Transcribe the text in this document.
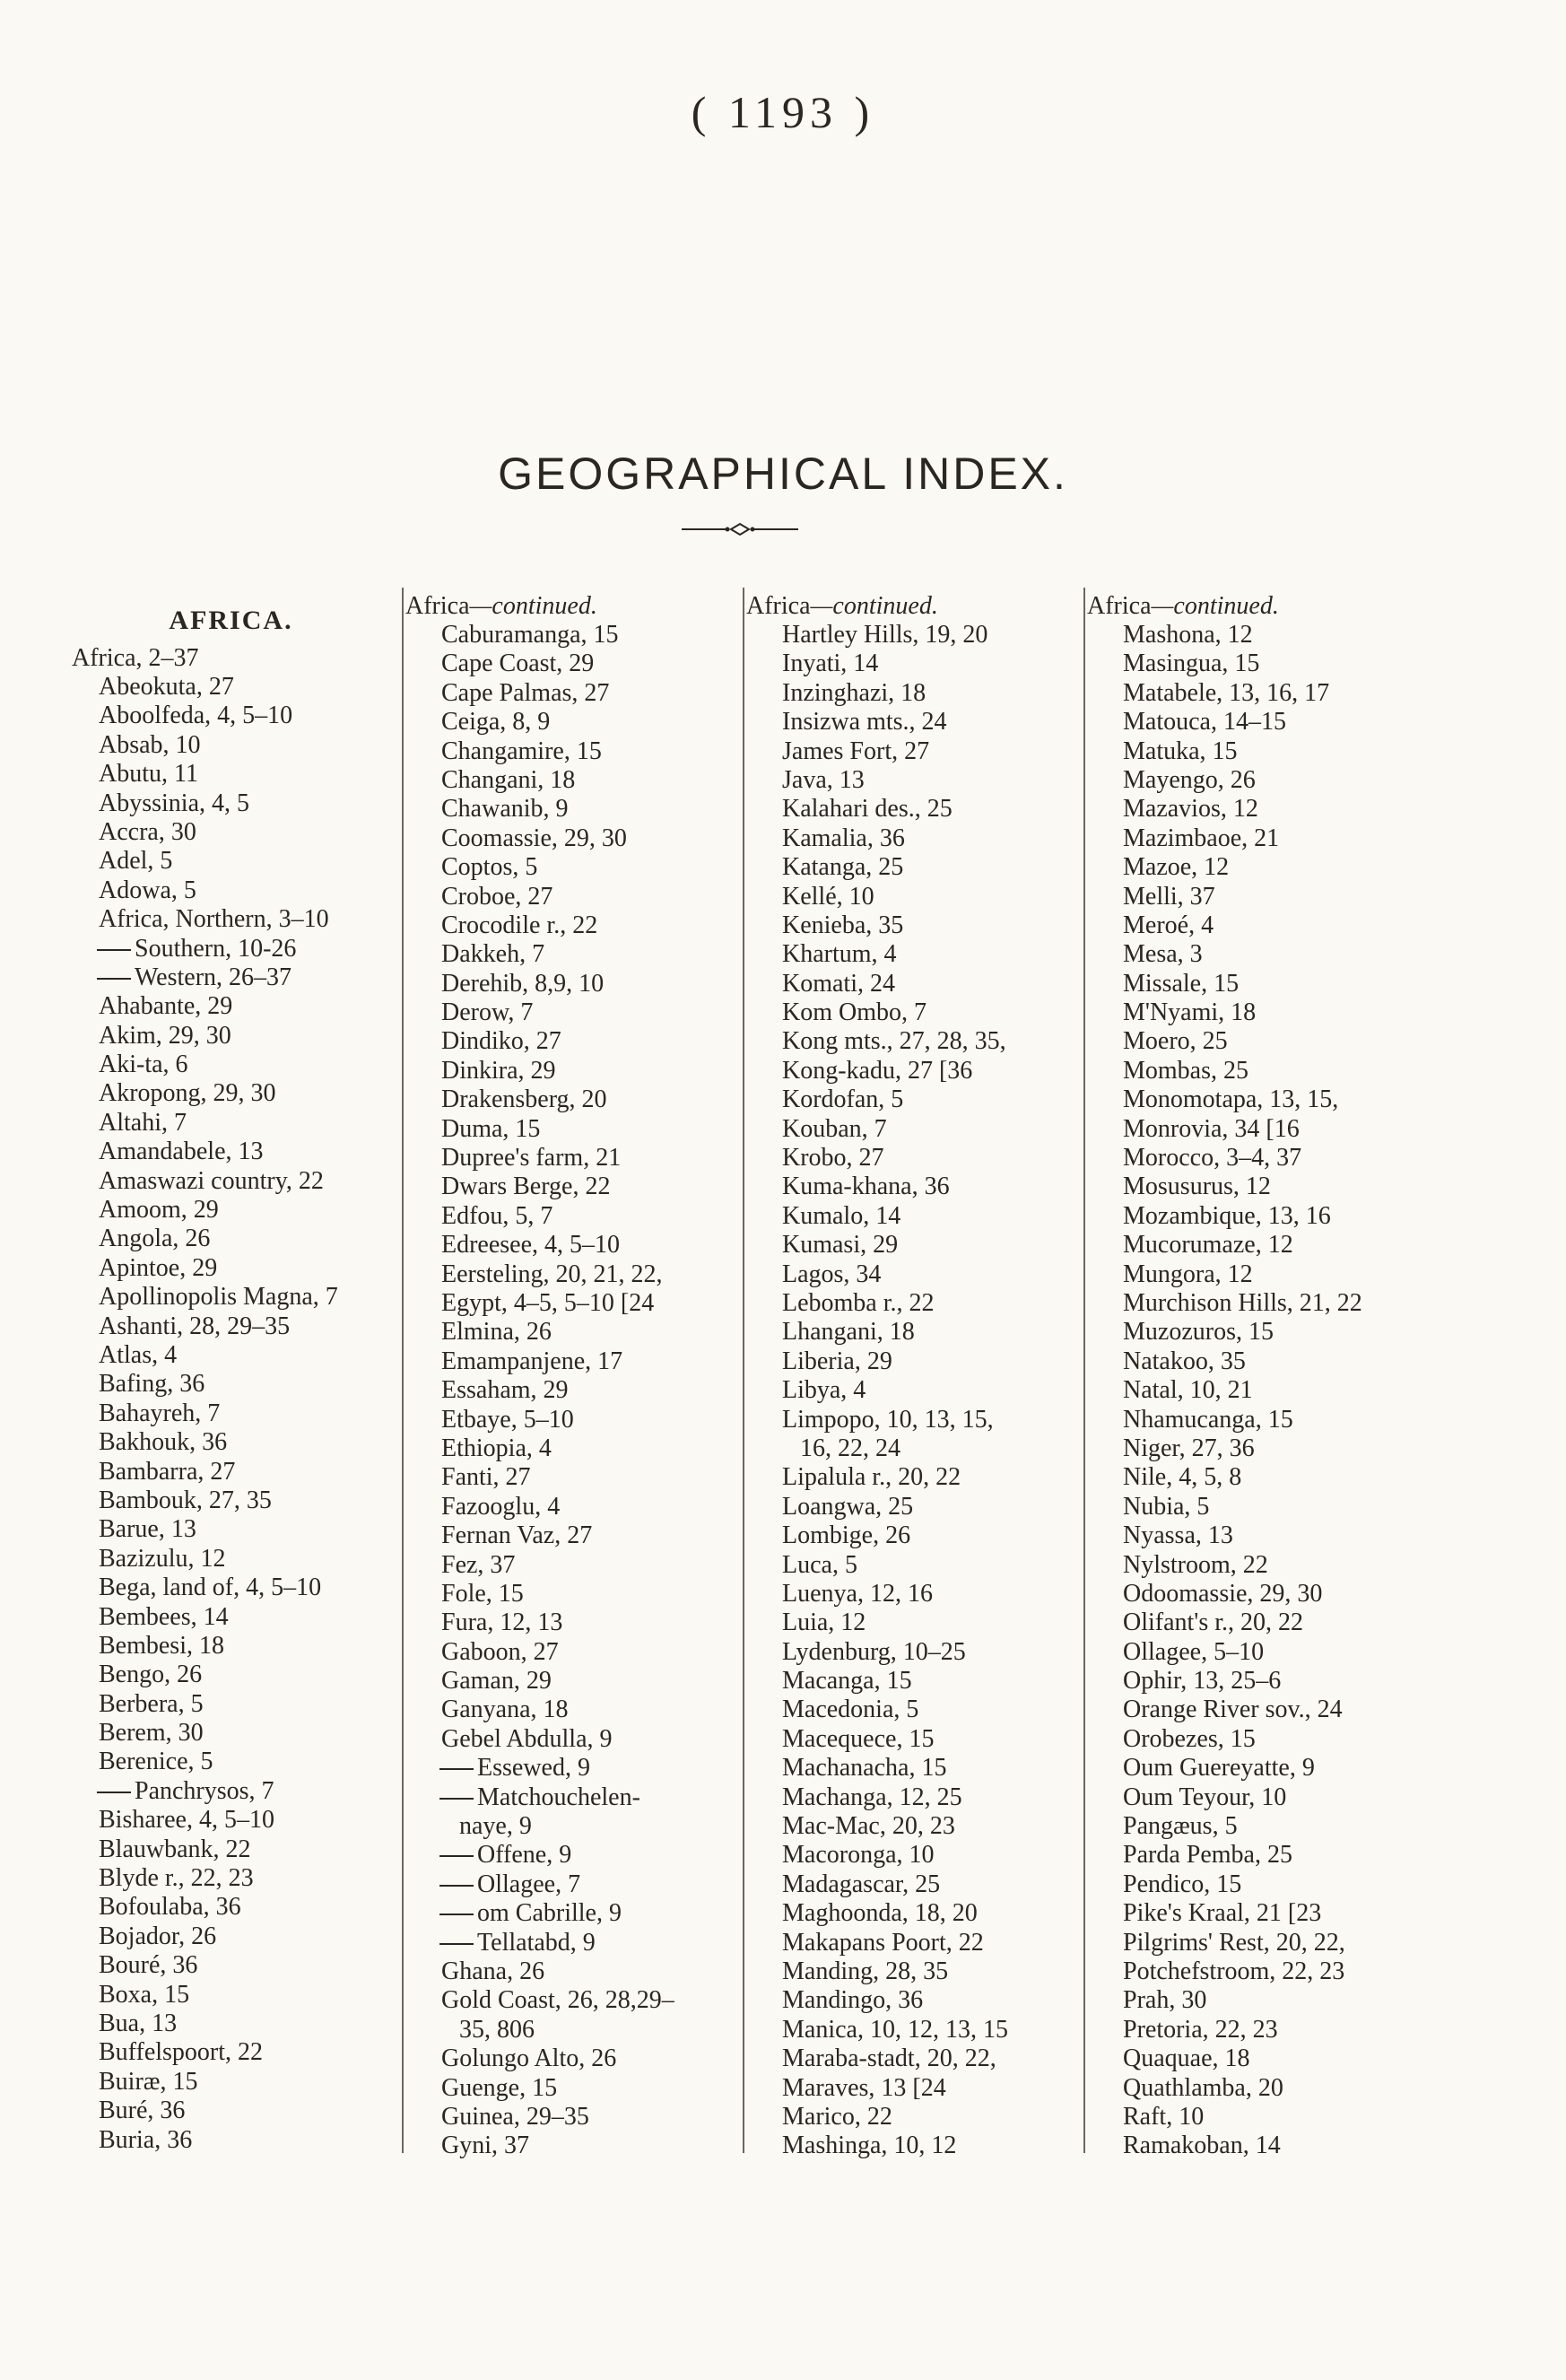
( 1193 )
GEOGRAPHICAL INDEX.
AFRICA.
Africa, 2–37
Abeokuta, 27
Aboolfeda, 4, 5–10
Absab, 10
Abutu, 11
Abyssinia, 4, 5
Accra, 30
Adel, 5
Adowa, 5
Africa, Northern, 3–10
Southern, 10-26
Western, 26–37
Ahabante, 29
Akim, 29, 30
Aki-ta, 6
Akropong, 29, 30
Altahi, 7
Amandabele, 13
Amaswazi country, 22
Amoom, 29
Angola, 26
Apintoe, 29
Apollinopolis Magna, 7
Ashanti, 28, 29–35
Atlas, 4
Bafing, 36
Bahayreh, 7
Bakhouk, 36
Bambarra, 27
Bambouk, 27, 35
Barue, 13
Bazizulu, 12
Bega, land of, 4, 5–10
Bembees, 14
Bembesi, 18
Bengo, 26
Berbera, 5
Berem, 30
Berenice, 5
Panchrysos, 7
Bisharee, 4, 5–10
Blauwbank, 22
Blyde r., 22, 23
Bofoulaba, 36
Bojador, 26
Bouré, 36
Boxa, 15
Bua, 13
Buffelspoort, 22
Buiræ, 15
Buré, 36
Buria, 36
Africa—continued.
Caburamanga, 15
Cape Coast, 29
Cape Palmas, 27
Ceiga, 8, 9
Changamire, 15
Changani, 18
Chawanib, 9
Coomassie, 29, 30
Coptos, 5
Croboe, 27
Crocodile r., 22
Dakkeh, 7
Derehib, 8,9, 10
Derow, 7
Dindiko, 27
Dinkira, 29
Drakensberg, 20
Duma, 15
Dupree's farm, 21
Dwars Berge, 22
Edfou, 5, 7
Edreesee, 4, 5–10
Eersteling, 20, 21, 22,
Egypt, 4–5, 5–10 [24
Elmina, 26
Emampanjene, 17
Essaham, 29
Etbaye, 5–10
Ethiopia, 4
Fanti, 27
Fazooglu, 4
Fernan Vaz, 27
Fez, 37
Fole, 15
Fura, 12, 13
Gaboon, 27
Gaman, 29
Ganyana, 18
Gebel Abdulla, 9
Essewed, 9
Matchouchelen-
naye, 9
Offene, 9
Ollagee, 7
om Cabrille, 9
Tellatabd, 9
Ghana, 26
Gold Coast, 26, 28,29–
35, 806
Golungo Alto, 26
Guenge, 15
Guinea, 29–35
Gyni, 37
Africa—continued.
Hartley Hills, 19, 20
Inyati, 14
Inzinghazi, 18
Insizwa mts., 24
James Fort, 27
Java, 13
Kalahari des., 25
Kamalia, 36
Katanga, 25
Kellé, 10
Kenieba, 35
Khartum, 4
Komati, 24
Kom Ombo, 7
Kong mts., 27, 28, 35,
Kong-kadu, 27 [36
Kordofan, 5
Kouban, 7
Krobo, 27
Kuma-khana, 36
Kumalo, 14
Kumasi, 29
Lagos, 34
Lebomba r., 22
Lhangani, 18
Liberia, 29
Libya, 4
Limpopo, 10, 13, 15,
16, 22, 24
Lipalula r., 20, 22
Loangwa, 25
Lombige, 26
Luca, 5
Luenya, 12, 16
Luia, 12
Lydenburg, 10–25
Macanga, 15
Macedonia, 5
Macequece, 15
Machanacha, 15
Machanga, 12, 25
Mac-Mac, 20, 23
Macoronga, 10
Madagascar, 25
Maghoonda, 18, 20
Makapans Poort, 22
Manding, 28, 35
Mandingo, 36
Manica, 10, 12, 13, 15
Maraba-stadt, 20, 22,
Maraves, 13 [24
Marico, 22
Mashinga, 10, 12
Africa—continued.
Mashona, 12
Masingua, 15
Matabele, 13, 16, 17
Matouca, 14–15
Matuka, 15
Mayengo, 26
Mazavios, 12
Mazimbaoe, 21
Mazoe, 12
Melli, 37
Meroé, 4
Mesa, 3
Missale, 15
M'Nyami, 18
Moero, 25
Mombas, 25
Monomotapa, 13, 15,
Monrovia, 34 [16
Morocco, 3–4, 37
Mosusurus, 12
Mozambique, 13, 16
Mucorumaze, 12
Mungora, 12
Murchison Hills, 21, 22
Muzozuros, 15
Natakoo, 35
Natal, 10, 21
Nhamucanga, 15
Niger, 27, 36
Nile, 4, 5, 8
Nubia, 5
Nyassa, 13
Nylstroom, 22
Odoomassie, 29, 30
Olifant's r., 20, 22
Ollagee, 5–10
Ophir, 13, 25–6
Orange River sov., 24
Orobezes, 15
Oum Guereyatte, 9
Oum Teyour, 10
Pangæus, 5
Parda Pemba, 25
Pendico, 15
Pike's Kraal, 21 [23
Pilgrims' Rest, 20, 22,
Potchefstroom, 22, 23
Prah, 30
Pretoria, 22, 23
Quaquae, 18
Quathlamba, 20
Raft, 10
Ramakoban, 14
